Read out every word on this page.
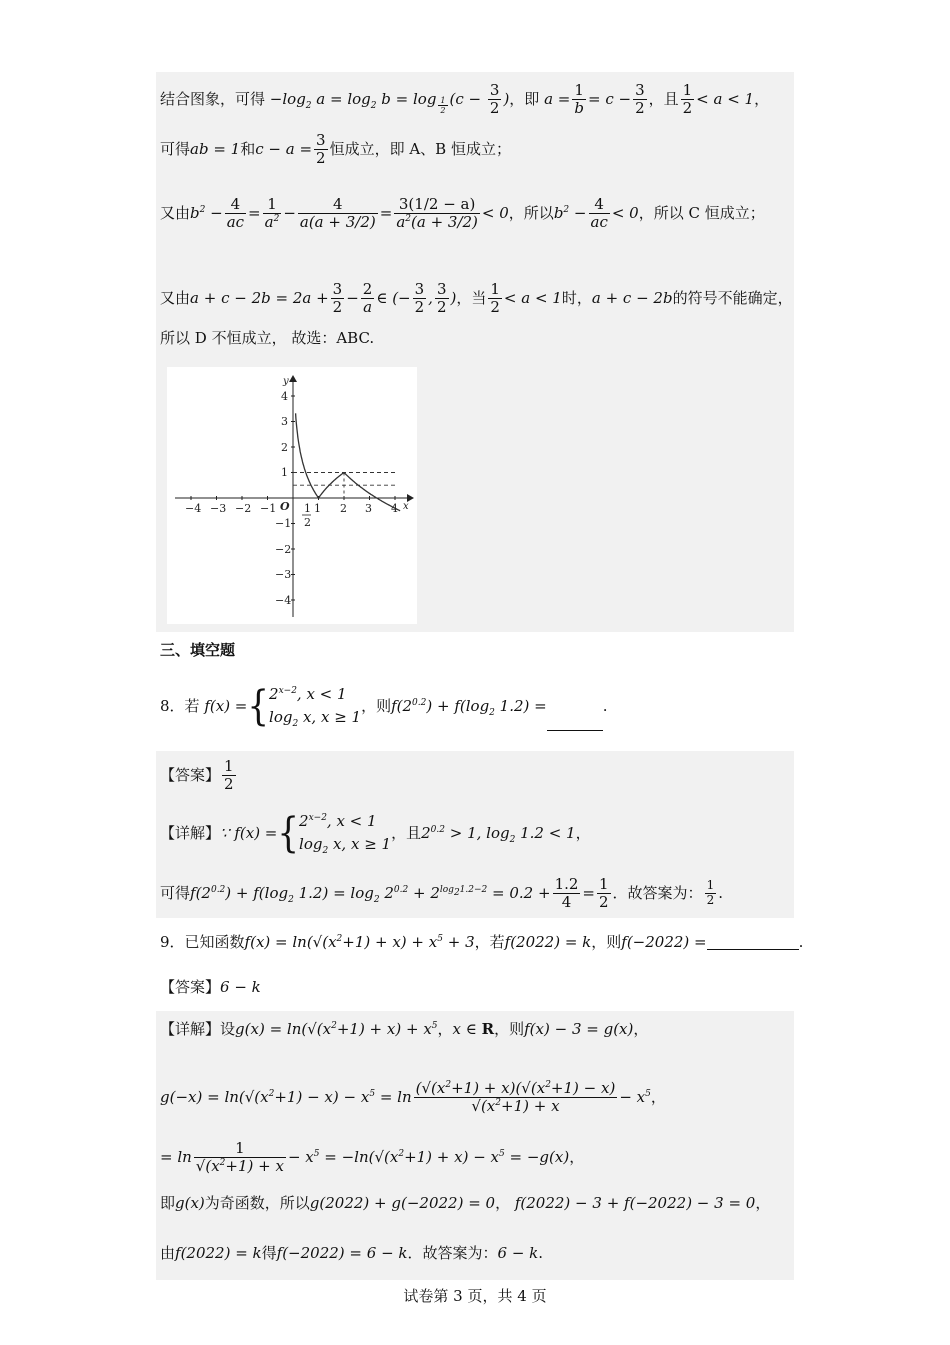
结合图象，可得 $-\log_2$ $a = \log_2 b = \log _{\frac{1}{2}}$ ($c - \frac{3}{2}$ )，即 $a = \frac{1}{b} = c - \frac{3}{2}$ ，且 $\frac{1}{2} < a < 1$，
可得ab = 1和$c - a = \frac{3}{2}$ 恒成立，即 A、B 恒成立；
又由$b^2 - \frac{4}{ac} = \frac{1}{a^2} - \frac{4}{a(a + 3/2)} = \frac{3(1/2 - a)}{a^2(a + 3/2)} < 0$，所以$b^2 - \frac{4}{ac} < 0$，所以 C 恒成立；
又由$a + c - 2b = 2a + \frac{3}{2} - \frac{2}{a}$ ∈ (− $\frac{3}{2}$ , $\frac{3}{2}$ )，当 $\frac{1}{2} < a < 1$时，a + c − 2b的符号不能确定，
所以 D 不恒成立， 故选：ABC.
−4 −3 −2 −1	1 2 3 4
4
3
2
1
−1
−2
−3
−4
1
2
O
y
x
三、填空题
8．若 $f(x) =\{2^{x-2}$, x < 1
$\log_2 x$, x ≥ 1，则$f(2^{0.2}) + f(\log_2$ 1.2) =	.
【答案】 $\frac{1}{2}$
【详解】∵ $f(x) =\{2^{x-2}$, x < 1
$\log_2 x$, x ≥ 1，且$2^{0.2} > 1$, $\log_2 1.2 < 1$，
可得$f(2^{0.2}) + f(\log_2$ $1.2) = \log_2 2^{0.2} + 2^{log_21.2-2} = 0.2 + \frac{1.2}{4} = \frac{1}{2}$ ．故答案为： $\frac{1}{2}$ .
9．已知函数$f(x) = \ln(√(x^2+1) + x) + x^5 + 3$，若f(2022) = k，则f(−2022) =	.
【答案】6 − k
【详解】设$g(x) = \ln(√(x^2+1) + x) + x^5$，x ∈ R，则f(x) − 3 = g(x)，
$g(-x) = \ln(√(x^2+1) - x) - x^5 = \ln \frac{(√(x^2+1) + x)(√(x^2+1) - x)}{√(x^2+1) + x} - x^5$，
= $\ln \frac{1}{√(x^2+1) + x} - x^5 = -\ln(√(x^2+1) + x) - x^5 = -g(x)$，
即g(x)为奇函数，所以g(2022) + g(−2022) = 0， f(2022) − 3 + f(−2022) − 3 = 0，
由f(2022) = k得f(−2022) = 6 − k．故答案为：6 − k.
试卷第 3 页，共 4 页
